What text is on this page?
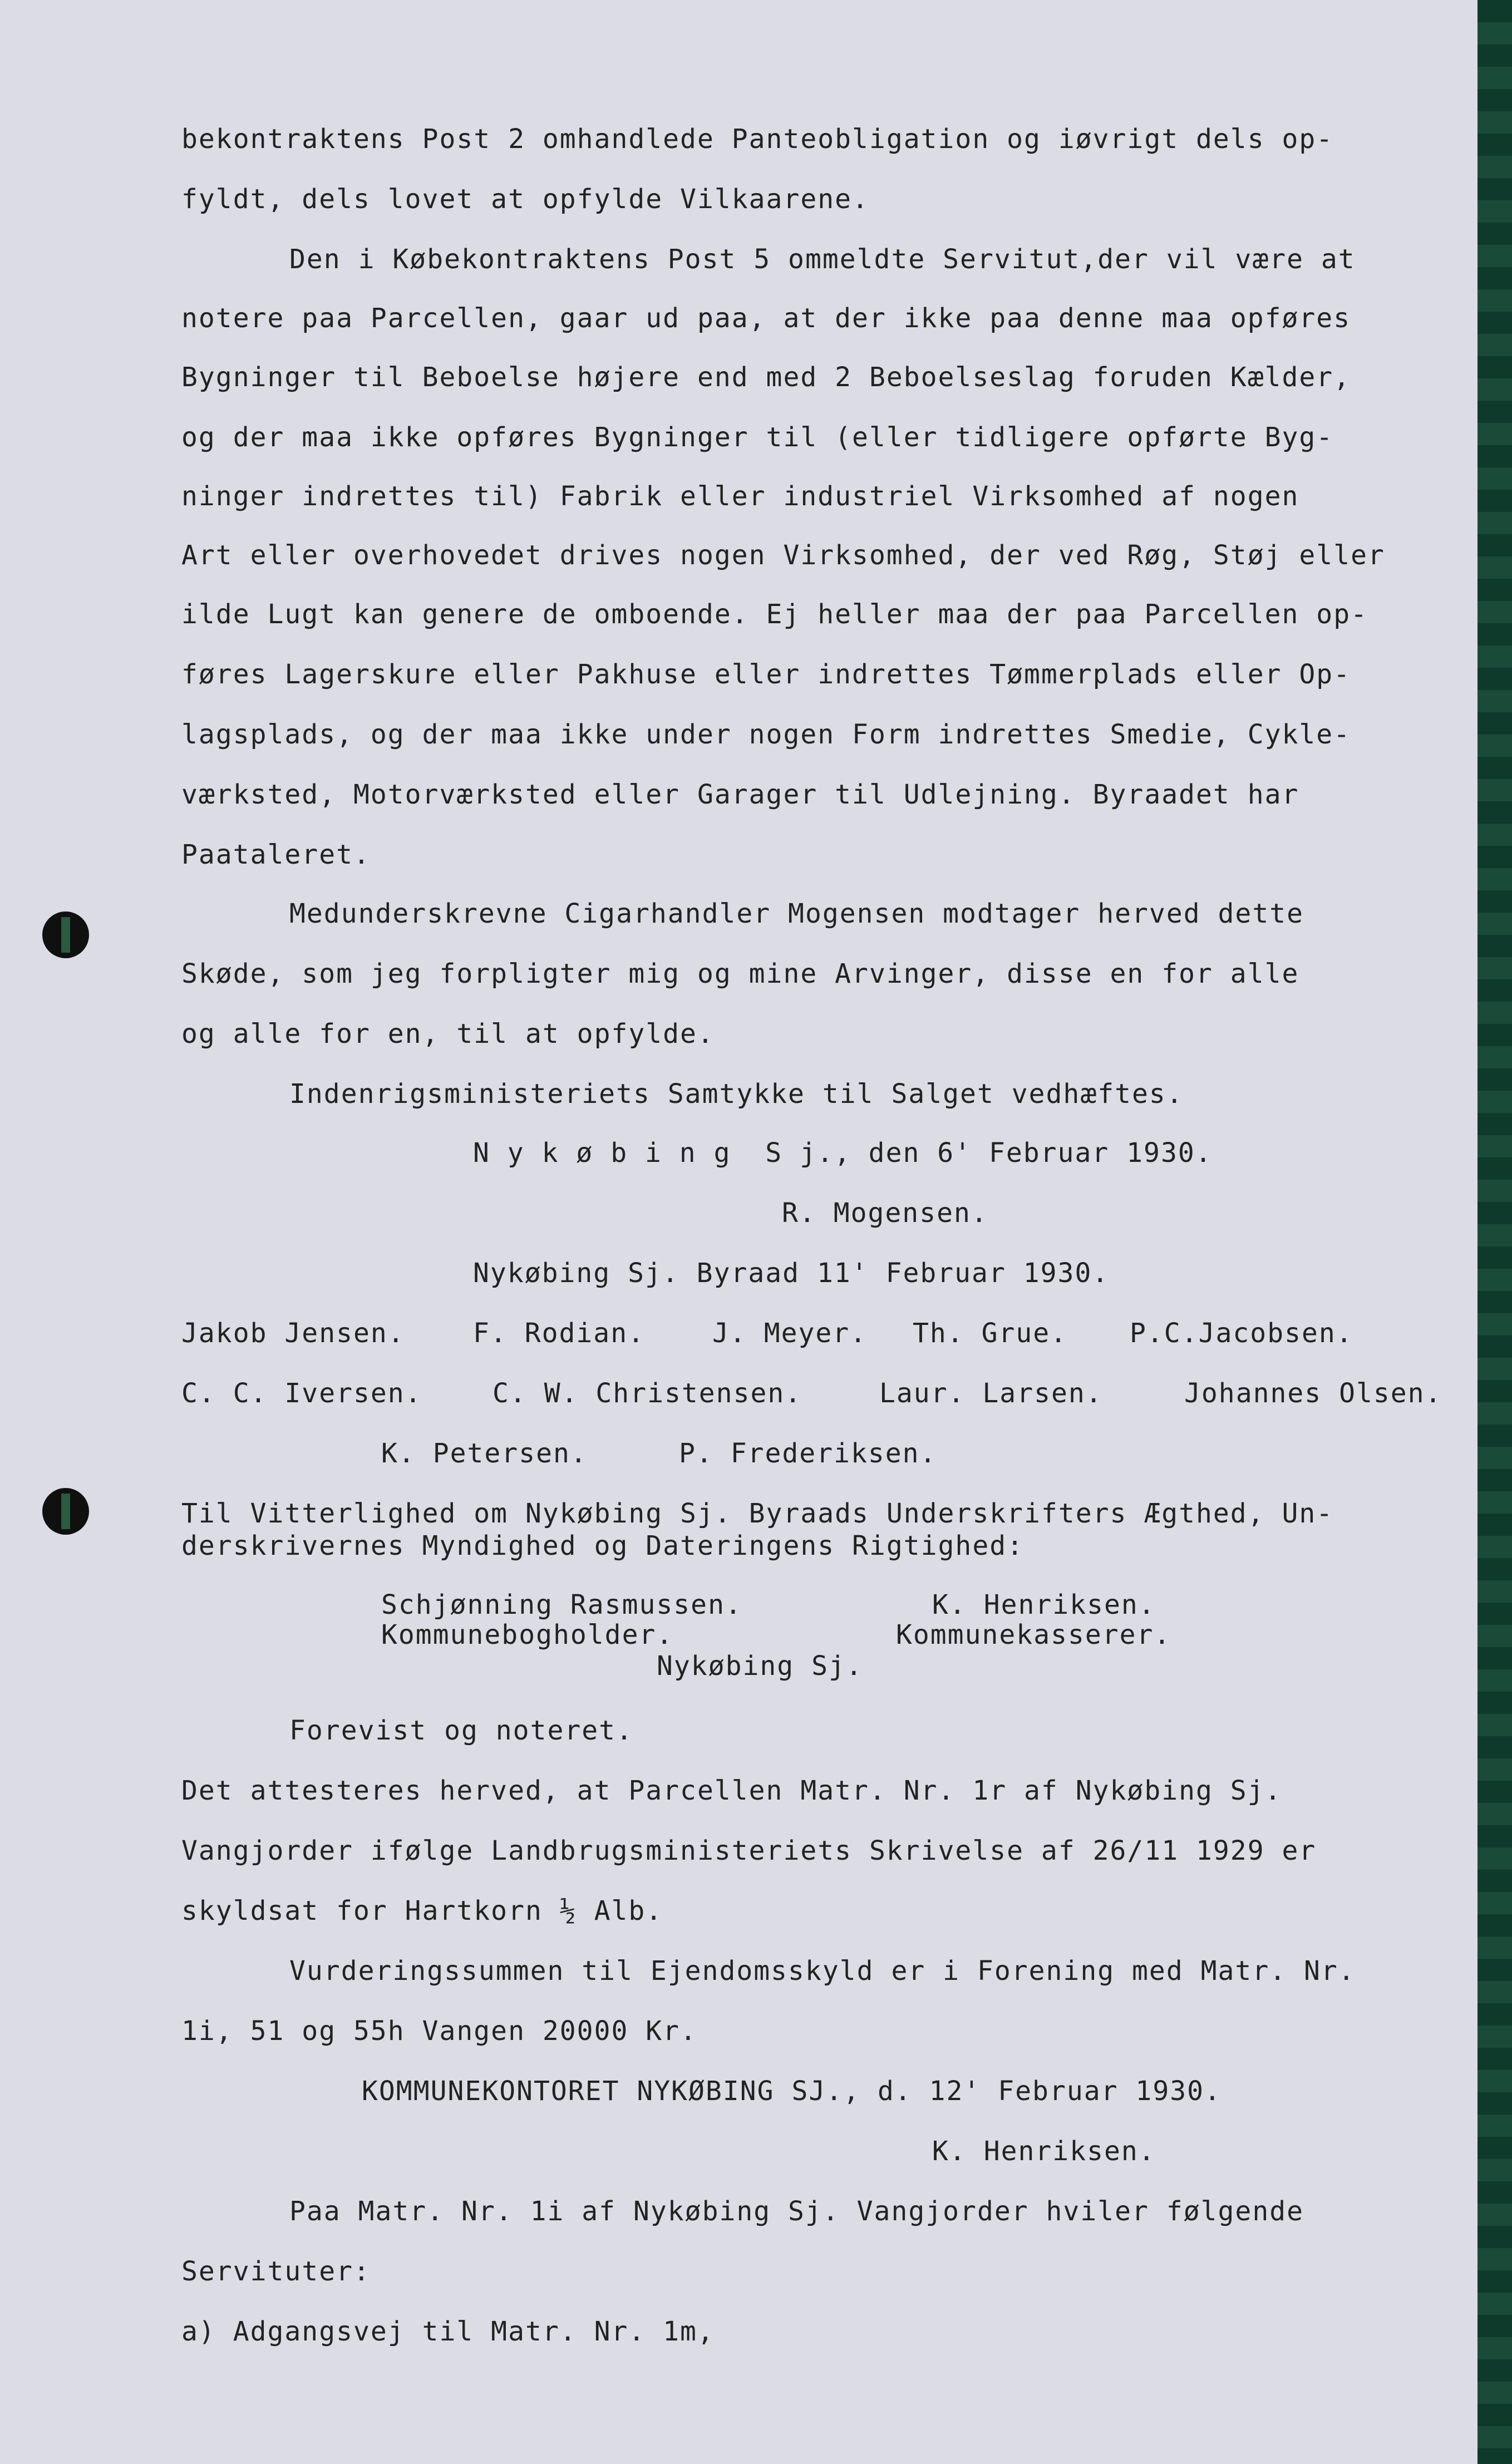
bekontraktens Post 2 omhandlede Panteobligation og iøvrigt dels op-
fyldt, dels lovet at opfylde Vilkaarene.
Den i Købekontraktens Post 5 ommeldte Servitut,der vil være at
notere paa Parcellen, gaar ud paa, at der ikke paa denne maa opføres
Bygninger til Beboelse højere end med 2 Beboelseslag foruden Kælder,
og der maa ikke opføres Bygninger til (eller tidligere opførte Byg-
ninger indrettes til) Fabrik eller industriel Virksomhed af nogen
Art eller overhovedet drives nogen Virksomhed, der ved Røg, Støj eller
ilde Lugt kan genere de omboende. Ej heller maa der paa Parcellen op-
føres Lagerskure eller Pakhuse eller indrettes Tømmerplads eller Op-
lagsplads, og der maa ikke under nogen Form indrettes Smedie, Cykle-
værksted, Motorværksted eller Garager til Udlejning. Byraadet har
Paataleret.
Medunderskrevne Cigarhandler Mogensen modtager herved dette
Skøde, som jeg forpligter mig og mine Arvinger, disse en for alle
og alle for en, til at opfylde.
Indenrigsministeriets Samtykke til Salget vedhæftes.
N y k ø b i n g  S j., den 6' Februar 1930.
R. Mogensen.
Nykøbing Sj. Byraad 11' Februar 1930.
Jakob Jensen.	F. Rodian.	J. Meyer. Th. Grue. P.C.Jacobsen.
C. C. Iversen.	C. W. Christensen.	Laur. Larsen.	Johannes Olsen.
K. Petersen.	P. Frederiksen.
Til Vitterlighed om Nykøbing Sj. Byraads Underskrifters Ægthed, Un-
derskrivernes Myndighed og Dateringens Rigtighed:
Schjønning Rasmussen.
Kommunebogholder.
K. Henriksen.
Kommunekasserer.
Nykøbing Sj.
Forevist og noteret.
Det attesteres herved, at Parcellen Matr. Nr. 1r af Nykøbing Sj.
Vangjorder ifølge Landbrugsministeriets Skrivelse af 26/11 1929 er
skyldsat for Hartkorn ½ Alb.
Vurderingssummen til Ejendomsskyld er i Forening med Matr. Nr.
1i, 51 og 55h Vangen 20000 Kr.
KOMMUNEKONTORET NYKØBING SJ., d. 12' Februar 1930.
K. Henriksen.
Paa Matr. Nr. 1i af Nykøbing Sj. Vangjorder hviler følgende
Servituter:
a) Adgangsvej til Matr. Nr. 1m,
